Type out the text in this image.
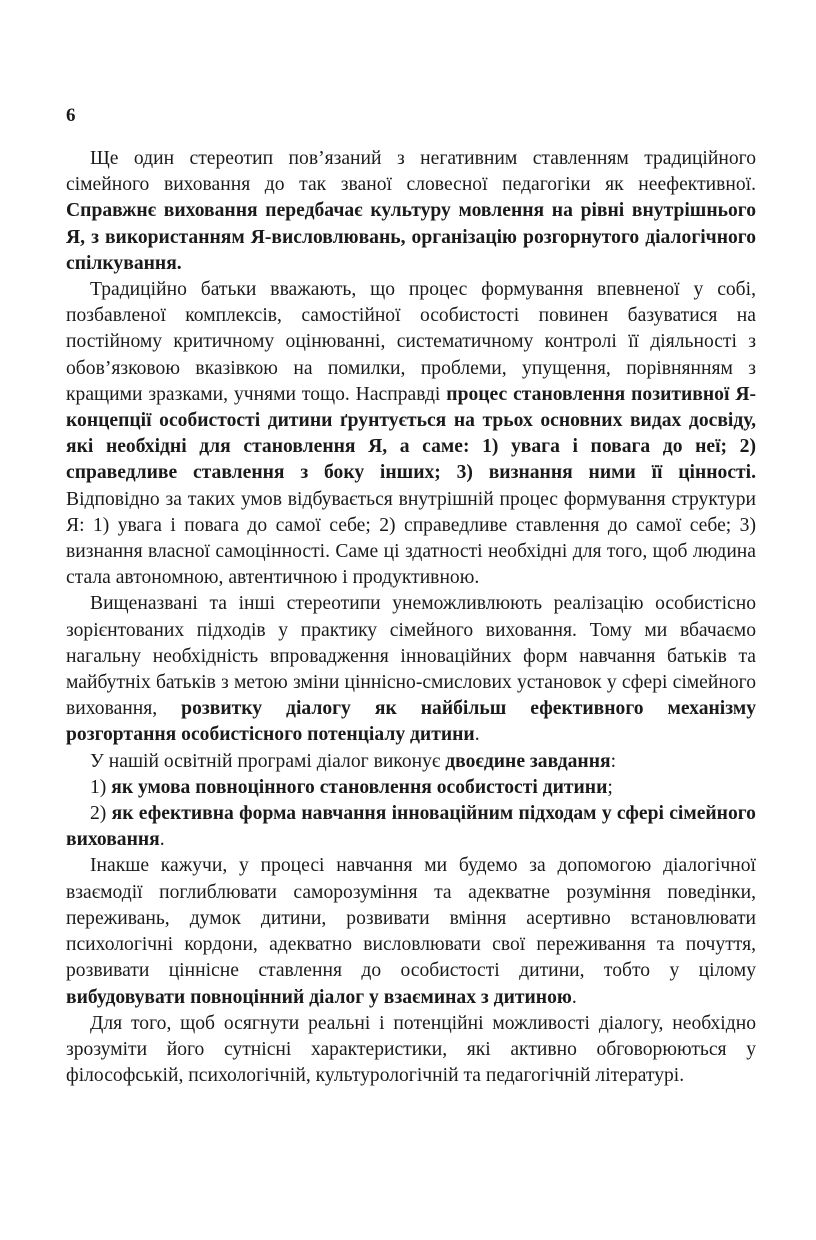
6

Ще один стереотип пов’язаний з негативним ставленням традиційного сімейного виховання до так званої словесної педагогіки як неефективної. Справжнє виховання передбачає культуру мовлення на рівні внутрішнього Я, з використанням Я-висловлювань, організацію розгорнутого діалогічного спілкування.

Традиційно батьки вважають, що процес формування впевненої у собі, позбавленої комплексів, самостійної особистості повинен базуватися на постійному критичному оцінюванні, систематичному контролі її діяльності з обов’язковою вказівкою на помилки, проблеми, упущення, порівнянням з кращими зразками, учнями тощо. Насправді процес становлення позитивної Я-концепції особистості дитини ґрунтується на трьох основних видах досвіду, які необхідні для становлення Я, а саме: 1) увага і повага до неї; 2) справедливе ставлення з боку інших; 3) визнання ними її цінності. Відповідно за таких умов відбувається внутрішній процес формування структури Я: 1) увага і повага до самої себе; 2) справедливе ставлення до самої себе; 3) визнання власної самоцінності. Саме ці здатності необхідні для того, щоб людина стала автономною, автентичною і продуктивною.

Вищеназвані та інші стереотипи унеможливлюють реалізацію особистісно зорієнтованих підходів у практику сімейного виховання. Тому ми вбачаємо нагальну необхідність впровадження інноваційних форм навчання батьків та майбутніх батьків з метою зміни ціннісно-смислових установок у сфері сімейного виховання, розвитку діалогу як найбільш ефективного механізму розгортання особистісного потенціалу дитини.

У нашій освітній програмі діалог виконує двоєдине завдання:

1) як умова повноцінного становлення особистості дитини;

2) як ефективна форма навчання інноваційним підходам у сфері сімейного виховання.

Інакше кажучи, у процесі навчання ми будемо за допомогою діалогічної взаємодії поглиблювати саморозуміння та адекватне розуміння поведінки, переживань, думок дитини, розвивати вміння асертивно встановлювати психологічні кордони, адекватно висловлювати свої переживання та почуття, розвивати ціннісне ставлення до особистості дитини, тобто у цілому вибудовувати повноцінний діалог у взаєминах з дитиною.

Для того, щоб осягнути реальні і потенційні можливості діалогу, необхідно зрозуміти його сутнісні характеристики, які активно обговорюються у філософській, психологічній, культурологічній та педагогічній літературі.
